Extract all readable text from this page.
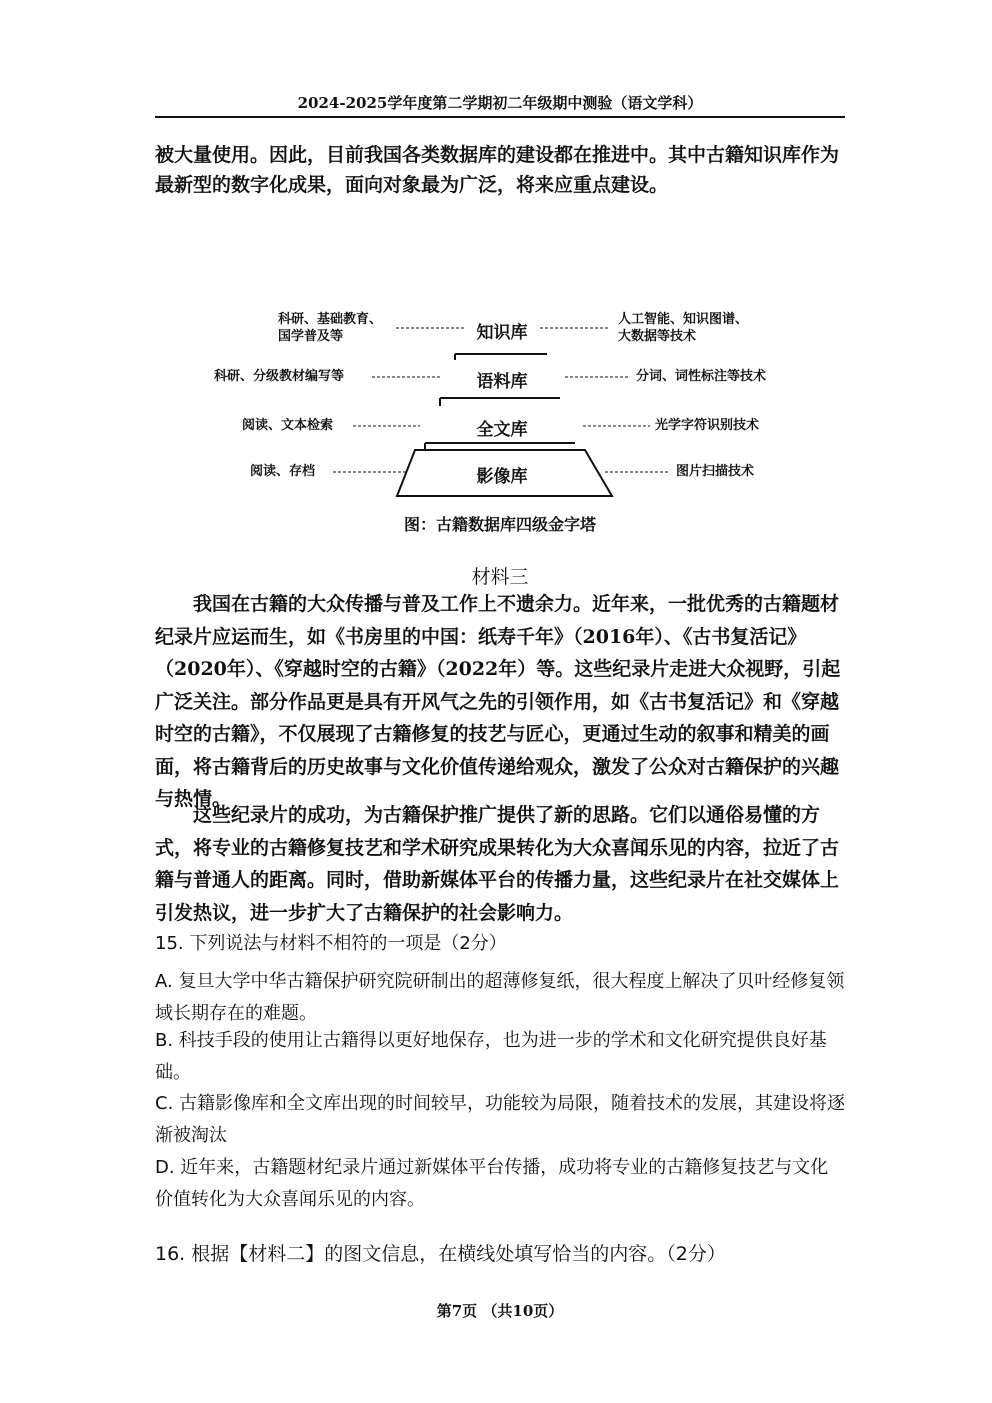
2024-2025学年度第二学期初二年级期中测验（语文学科）

被大量使用。因此，目前我国各类数据库的建设都在推进中。其中古籍知识库作为最新型的数字化成果，面向对象最为广泛，将来应重点建设。

知识库
语料库
全文库
影像库
科研、基础教育、
国学普及等
科研、分级教材编写等
阅读、文本检索
阅读、存档
人工智能、知识图谱、
大数据等技术
分词、词性标注等技术
光学字符识别技术
图片扫描技术
图：古籍数据库四级金字塔
材料三

我国在古籍的大众传播与普及工作上不遗余力。近年来，一批优秀的古籍题材纪录片应运而生，如《书房里的中国：纸寿千年》（2016年）、《古书复活记》（2020年）、《穿越时空的古籍》（2022年）等。这些纪录片走进大众视野，引起广泛关注。部分作品更是具有开风气之先的引领作用，如《古书复活记》和《穿越时空的古籍》，不仅展现了古籍修复的技艺与匠心，更通过生动的叙事和精美的画面，将古籍背后的历史故事与文化价值传递给观众，激发了公众对古籍保护的兴趣与热情。

这些纪录片的成功，为古籍保护推广提供了新的思路。它们以通俗易懂的方式，将专业的古籍修复技艺和学术研究成果转化为大众喜闻乐见的内容，拉近了古籍与普通人的距离。同时，借助新媒体平台的传播力量，这些纪录片在社交媒体上引发热议，进一步扩大了古籍保护的社会影响力。

15. 下列说法与材料不相符的一项是（2分）
A. 复旦大学中华古籍保护研究院研制出的超薄修复纸，很大程度上解决了贝叶经修复领域长期存在的难题。
B. 科技手段的使用让古籍得以更好地保存，也为进一步的学术和文化研究提供良好基础。
C. 古籍影像库和全文库出现的时间较早，功能较为局限，随着技术的发展，其建设将逐渐被淘汰
D. 近年来，古籍题材纪录片通过新媒体平台传播，成功将专业的古籍修复技艺与文化价值转化为大众喜闻乐见的内容。
16. 根据【材料二】的图文信息，在横线处填写恰当的内容。（2分）
第7页 （共10页）
